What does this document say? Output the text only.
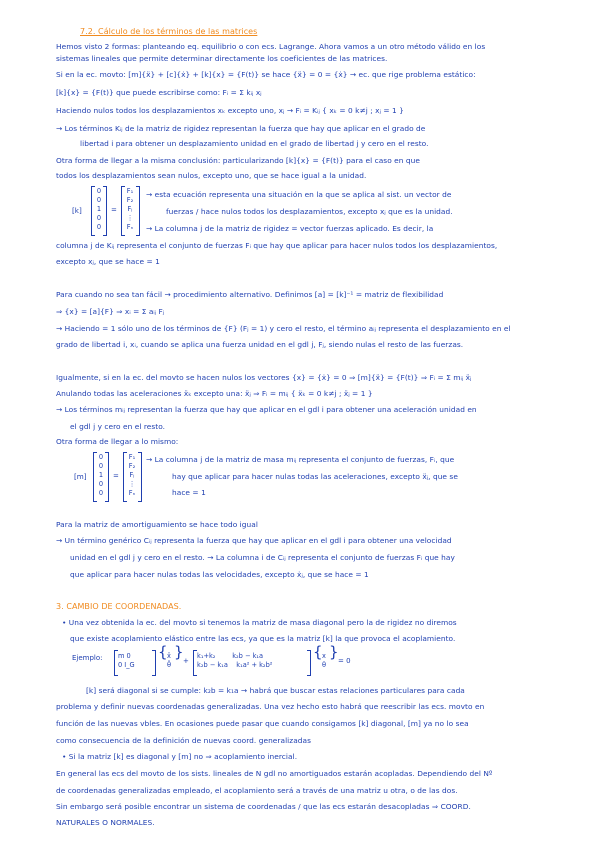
7.2. Cálculo de los términos de las matrices
Hemos visto 2 formas: planteando eq. equilibrio o con ecs. Lagrange. Ahora vamos a un otro método válido en los
sistemas lineales que permite determinar directamente los coeficientes de las matrices.
Si en la ec. movto: [m]{ẍ} + [c]{ẋ} + [k]{x} = {F(t)} se hace {ẍ} = 0 = {ẋ} → ec. que rige problema estático:
[k]{x} = {F(t)} que puede escribirse como: Fᵢ = Σ kᵢⱼ xⱼ
Haciendo nulos todos los desplazamientos xₖ excepto uno, xⱼ → Fᵢ = Kᵢⱼ { xₖ = 0 k≠j ; xⱼ = 1 }
→ Los términos Kᵢⱼ de la matriz de rigidez representan la fuerza que hay que aplicar en el grado de
libertad i para obtener un desplazamiento unidad en el grado de libertad j y cero en el resto.
Otra forma de llegar a la misma conclusión: particularizando [k]{x} = {F(t)} para el caso en que
todos los desplazamientos sean nulos, excepto uno, que se hace igual a la unidad.
[k]
0
0
1
0
0
=
F₁
F₂
Fⱼ
⋮
Fₙ
→ esta ecuación representa una situación en la que se aplica al sist. un vector de
fuerzas / hace nulos todos los desplazamientos, excepto xⱼ que es la unidad.
→ La columna j de la matriz de rigidez = vector fuerzas aplicado. Es decir, la
columna j de Kᵢⱼ representa el conjunto de fuerzas Fᵢ que hay que aplicar para hacer nulos todos los desplazamientos,
excepto xⱼ, que se hace = 1
Para cuando no sea tan fácil → procedimiento alternativo. Definimos [a] = [k]⁻¹ = matriz de flexibilidad
⇒ {x} = [a]{F} ⇒ xᵢ = Σ aᵢⱼ Fⱼ
→ Haciendo = 1 sólo uno de los términos de {F} (Fⱼ = 1) y cero el resto, el término aᵢⱼ representa el desplazamiento en el
grado de libertad i, xᵢ, cuando se aplica una fuerza unidad en el gdl j, Fⱼ, siendo nulas el resto de las fuerzas.
Igualmente, si en la ec. del movto se hacen nulos los vectores {x} = {ẋ} = 0 ⇒ [m]{ẍ} = {F(t)} ⇒ Fᵢ = Σ mᵢⱼ ẍⱼ
Anulando todas las aceleraciones ẍₖ excepto una: ẍⱼ ⇒ Fᵢ = mᵢⱼ { ẍₖ = 0 k≠j ; ẍⱼ = 1 }
→ Los términos mᵢⱼ representan la fuerza que hay que aplicar en el gdl i para obtener una aceleración unidad en
el gdl j y cero en el resto.
Otra forma de llegar a lo mismo:
[m]
0
0
1
0
0
=
F₁
F₂
Fⱼ
⋮
Fₙ
→ La columna j de la matriz de masa mᵢⱼ representa el conjunto de fuerzas, Fᵢ, que
hay que aplicar para hacer nulas todas las aceleraciones, excepto ẍⱼ, que se
hace = 1
Para la matriz de amortiguamiento se hace todo igual
→ Un término genérico Cᵢⱼ representa la fuerza que hay que aplicar en el gdl i para obtener una velocidad
unidad en el gdl j y cero en el resto. → La columna i de Cᵢⱼ representa el conjunto de fuerzas Fᵢ que hay
que aplicar para hacer nulas todas las velocidades, excepto ẋⱼ, que se hace = 1
3. CAMBIO DE COORDENADAS.
• Una vez obtenida la ec. del movto si tenemos la matriz de masa diagonal pero la de rigidez no diremos
que existe acoplamiento elástico entre las ecs, ya que es la matriz [k] la que provoca el acoplamiento.
Ejemplo: m 0
0 I_G
{ ẍ
θ̈
} +
k₁+k₂        k₂b − k₁a
k₂b − k₁a    k₁a² + k₂b²
{ x
θ
} = 0
[k] será diagonal si se cumple: k₂b = k₁a → habrá que buscar estas relaciones particulares para cada
problema y definir nuevas coordenadas generalizadas. Una vez hecho esto habrá que reescribir las ecs. movto en
función de las nuevas vbles. En ocasiones puede pasar que cuando consigamos [k] diagonal, [m] ya no lo sea
como consecuencia de la definición de nuevas coord. generalizadas
• Si la matriz [k] es diagonal y [m] no ⇒ acoplamiento inercial.
En general las ecs del movto de los sists. lineales de N gdl no amortiguados estarán acopladas. Dependiendo del Nº
de coordenadas generalizadas empleado, el acoplamiento será a través de una matriz u otra, o de las dos.
Sin embargo será posible encontrar un sistema de coordenadas / que las ecs estarán desacopladas ⇒ COORD.
NATURALES O NORMALES.
